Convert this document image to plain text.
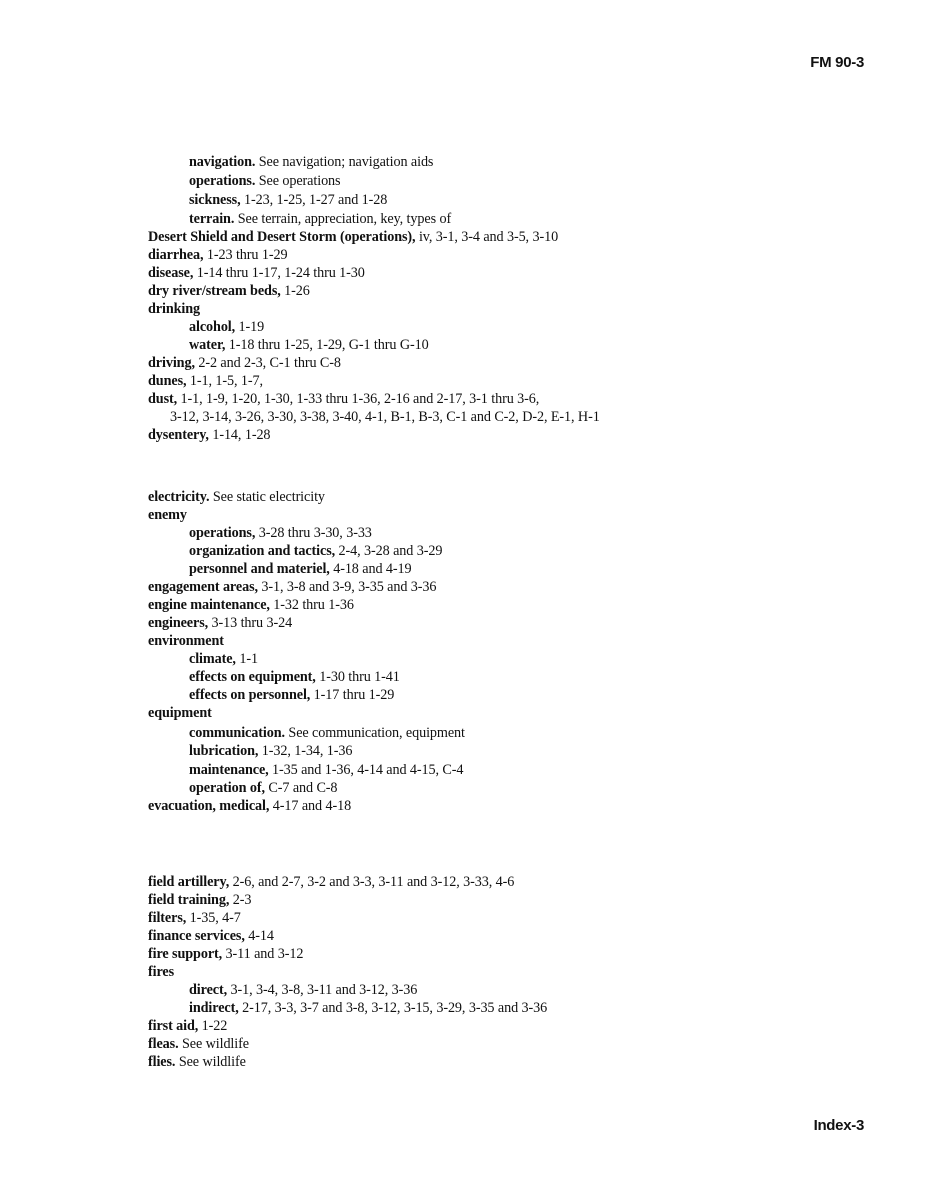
FM 90-3
navigation. See navigation; navigation aids
operations. See operations
sickness, 1-23, 1-25, 1-27 and 1-28
terrain. See terrain, appreciation, key, types of
Desert Shield and Desert Storm (operations), iv, 3-1, 3-4 and 3-5, 3-10
diarrhea, 1-23 thru 1-29
disease, 1-14 thru 1-17, 1-24 thru 1-30
dry river/stream beds, 1-26
drinking
alcohol, 1-19
water, 1-18 thru 1-25, 1-29, G-1 thru G-10
driving, 2-2 and 2-3, C-1 thru C-8
dunes, 1-1, 1-5, 1-7,
dust, 1-1, 1-9, 1-20, 1-30, 1-33 thru 1-36, 2-16 and 2-17, 3-1 thru 3-6,
3-12, 3-14, 3-26, 3-30, 3-38, 3-40, 4-1, B-1, B-3, C-1 and C-2, D-2, E-1, H-1
dysentery, 1-14, 1-28
electricity. See static electricity
enemy
operations, 3-28 thru 3-30, 3-33
organization and tactics, 2-4, 3-28 and 3-29
personnel and materiel, 4-18 and 4-19
engagement areas, 3-1, 3-8 and 3-9, 3-35 and 3-36
engine maintenance, 1-32 thru 1-36
engineers, 3-13 thru 3-24
environment
climate, 1-1
effects on equipment, 1-30 thru 1-41
effects on personnel, 1-17 thru 1-29
equipment
communication. See communication, equipment
lubrication, 1-32, 1-34, 1-36
maintenance, 1-35 and 1-36, 4-14 and 4-15, C-4
operation of, C-7 and C-8
evacuation, medical, 4-17 and 4-18
field artillery, 2-6, and 2-7, 3-2 and 3-3, 3-11 and 3-12, 3-33, 4-6
field training, 2-3
filters, 1-35, 4-7
finance services, 4-14
fire support, 3-11 and 3-12
fires
direct, 3-1, 3-4, 3-8, 3-11 and 3-12, 3-36
indirect, 2-17, 3-3, 3-7 and 3-8, 3-12, 3-15, 3-29, 3-35 and 3-36
first aid, 1-22
fleas. See wildlife
flies. See wildlife
Index-3
